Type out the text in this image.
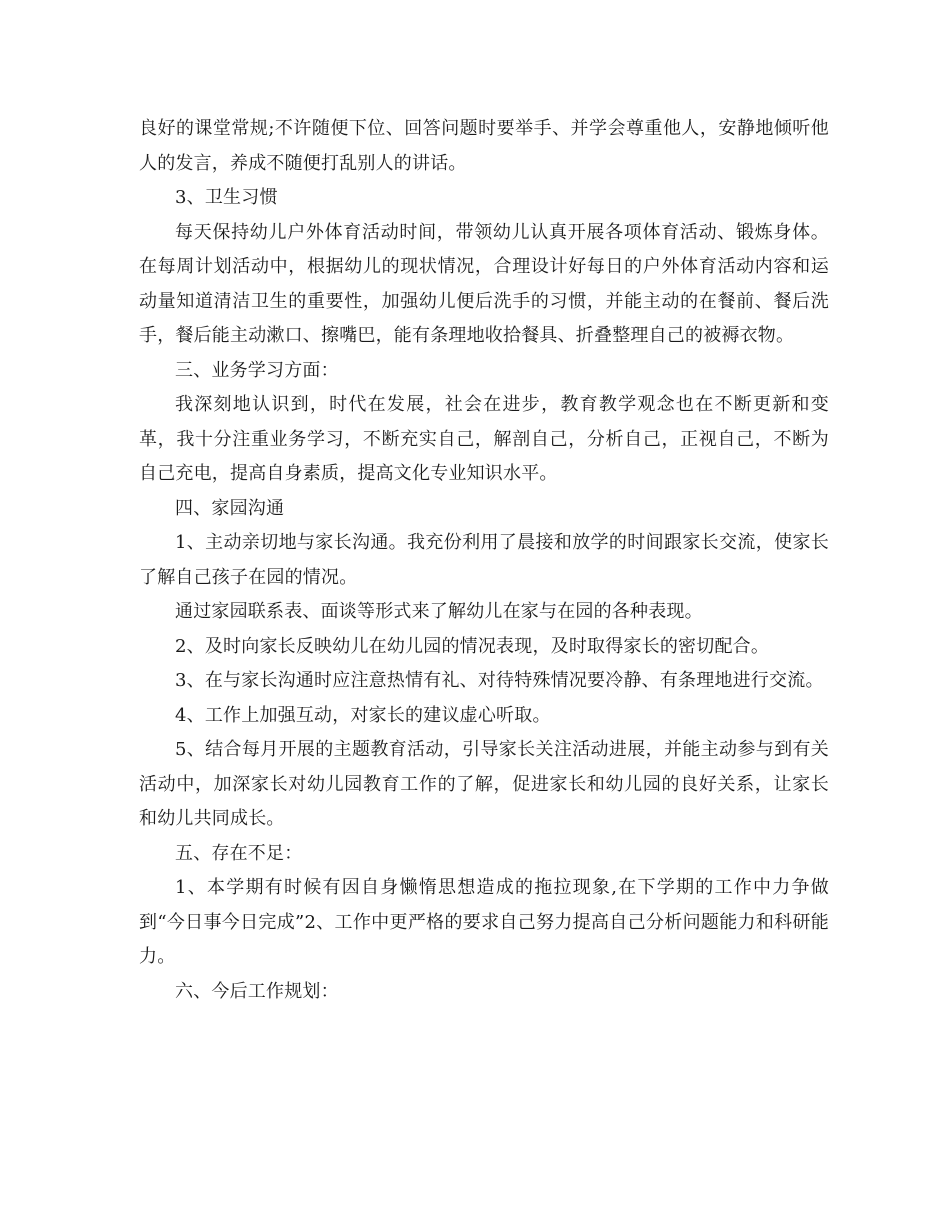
良好的课堂常规;不许随便下位、回答问题时要举手、并学会尊重他人，安静地倾听他人的发言，养成不随便打乱别人的讲话。

3、卫生习惯

每天保持幼儿户外体育活动时间，带领幼儿认真开展各项体育活动、锻炼身体。在每周计划活动中，根据幼儿的现状情况，合理设计好每日的户外体育活动内容和运动量知道清洁卫生的重要性，加强幼儿便后洗手的习惯，并能主动的在餐前、餐后洗手，餐后能主动漱口、擦嘴巴，能有条理地收拾餐具、折叠整理自己的被褥衣物。

三、业务学习方面：

我深刻地认识到，时代在发展，社会在进步，教育教学观念也在不断更新和变革，我十分注重业务学习，不断充实自己，解剖自己，分析自己，正视自己，不断为自己充电，提高自身素质，提高文化专业知识水平。

四、家园沟通

1、主动亲切地与家长沟通。我充份利用了晨接和放学的时间跟家长交流，使家长了解自己孩子在园的情况。

通过家园联系表、面谈等形式来了解幼儿在家与在园的各种表现。

2、及时向家长反映幼儿在幼儿园的情况表现，及时取得家长的密切配合。

3、在与家长沟通时应注意热情有礼、对待特殊情况要冷静、有条理地进行交流。

4、工作上加强互动，对家长的建议虚心听取。

5、结合每月开展的主题教育活动，引导家长关注活动进展，并能主动参与到有关活动中，加深家长对幼儿园教育工作的了解，促进家长和幼儿园的良好关系，让家长和幼儿共同成长。

五、存在不足：

1、本学期有时候有因自身懒惰思想造成的拖拉现象,在下学期的工作中力争做到“今日事今日完成”2、工作中更严格的要求自己努力提高自己分析问题能力和科研能力。

六、今后工作规划：
